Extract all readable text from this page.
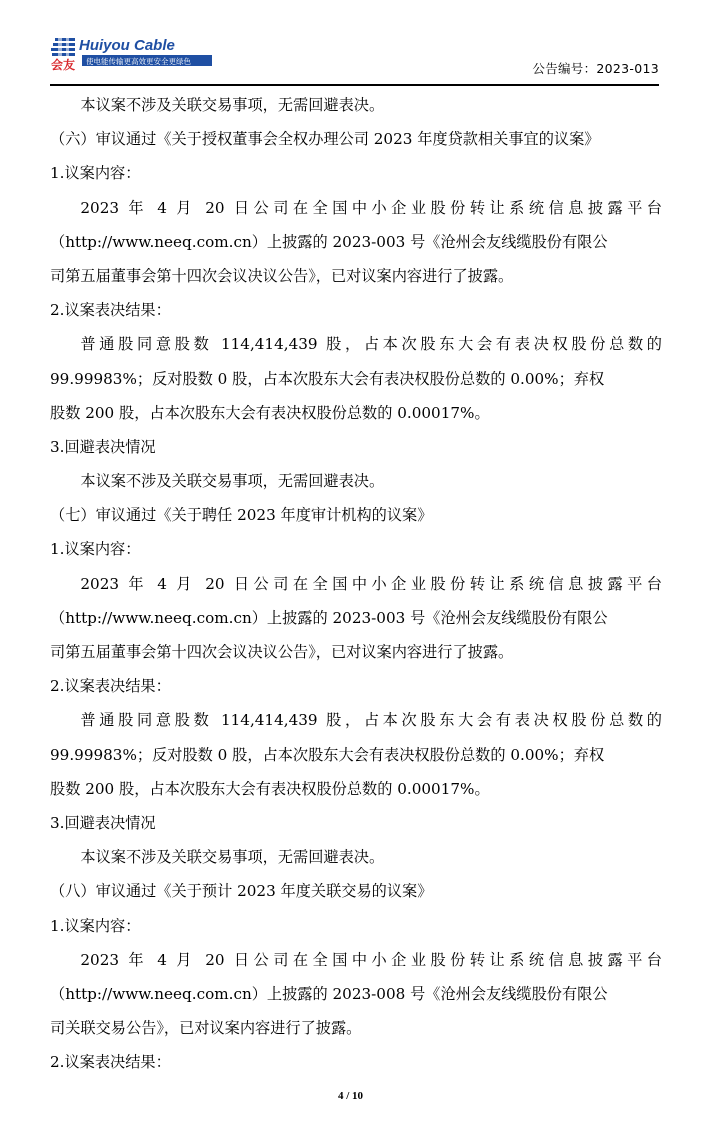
会友
Huiyou Cable
使电能传输更高效更安全更绿色	公告编号：2023-013
本议案不涉及关联交易事项，无需回避表决。
（六）审议通过《关于授权董事会全权办理公司 2023 年度贷款相关事宜的议案》
1.议案内容：
2023 年 4 月 20 日公司在全国中小企业股份转让系统信息披露平台
（http://www.neeq.com.cn）上披露的 2023-003 号《沧州会友线缆股份有限公
司第五届董事会第十四次会议决议公告》，已对议案内容进行了披露。
2.议案表决结果：
普通股同意股数 114,414,439 股，占本次股东大会有表决权股份总数的
99.99983%；反对股数 0 股，占本次股东大会有表决权股份总数的 0.00%；弃权
股数 200 股，占本次股东大会有表决权股份总数的 0.00017%。
3.回避表决情况
本议案不涉及关联交易事项，无需回避表决。
（七）审议通过《关于聘任 2023 年度审计机构的议案》
1.议案内容：
2023 年 4 月 20 日公司在全国中小企业股份转让系统信息披露平台
（http://www.neeq.com.cn）上披露的 2023-003 号《沧州会友线缆股份有限公
司第五届董事会第十四次会议决议公告》，已对议案内容进行了披露。
2.议案表决结果：
普通股同意股数 114,414,439 股，占本次股东大会有表决权股份总数的
99.99983%；反对股数 0 股，占本次股东大会有表决权股份总数的 0.00%；弃权
股数 200 股，占本次股东大会有表决权股份总数的 0.00017%。
3.回避表决情况
本议案不涉及关联交易事项，无需回避表决。
（八）审议通过《关于预计 2023 年度关联交易的议案》
1.议案内容：
2023 年 4 月 20 日公司在全国中小企业股份转让系统信息披露平台
（http://www.neeq.com.cn）上披露的 2023-008 号《沧州会友线缆股份有限公
司关联交易公告》，已对议案内容进行了披露。
2.议案表决结果：
4 / 10
